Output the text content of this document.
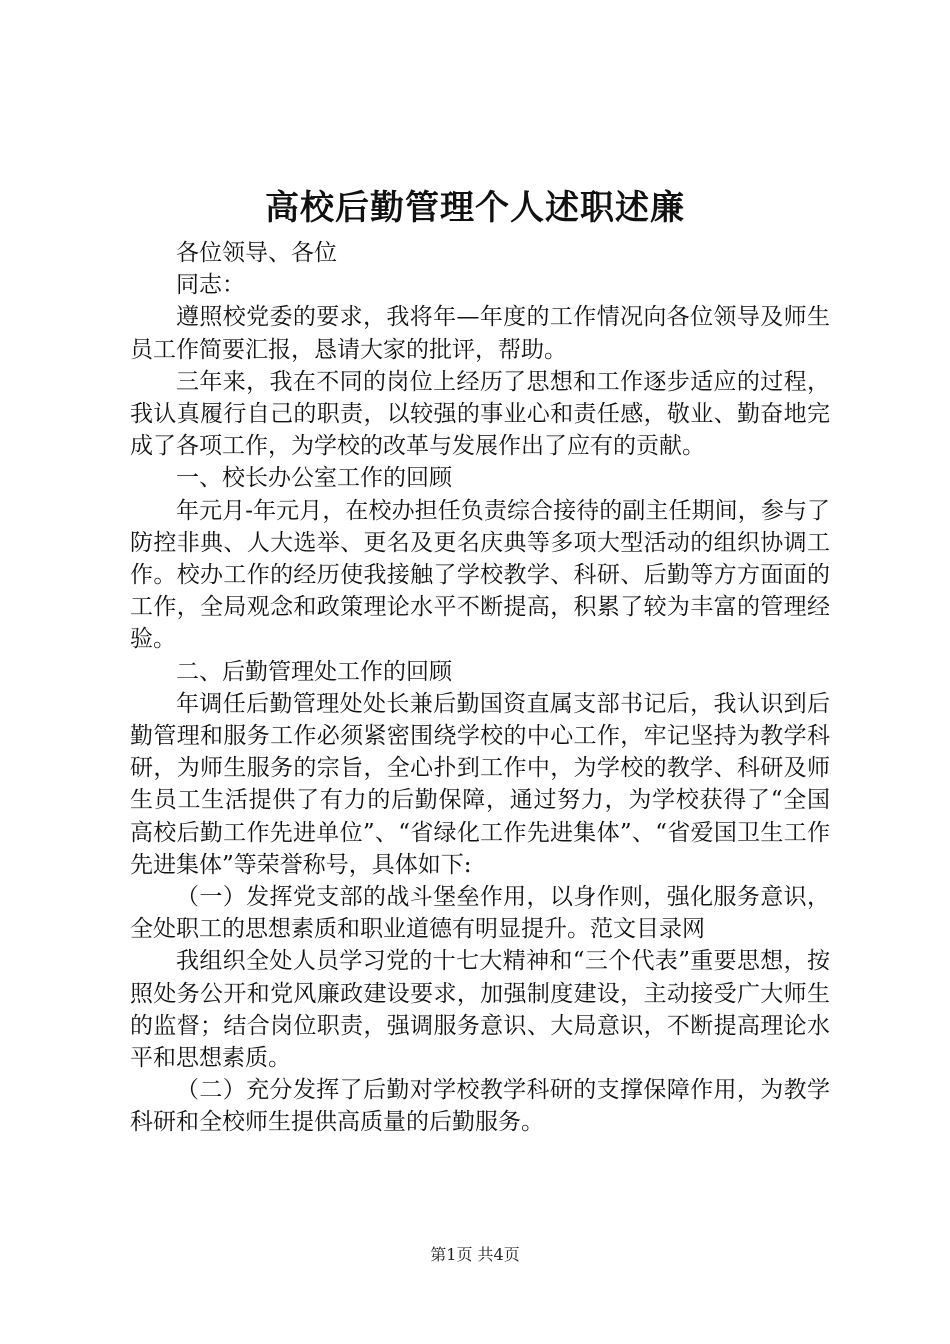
高校后勤管理个人述职述廉

各位领导、各位

同志：

遵照校党委的要求，我将年—年度的工作情况向各位领导及师生员工作简要汇报，恳请大家的批评，帮助。

三年来，我在不同的岗位上经历了思想和工作逐步适应的过程，我认真履行自己的职责，以较强的事业心和责任感，敬业、勤奋地完成了各项工作，为学校的改革与发展作出了应有的贡献。

一、校长办公室工作的回顾

年元月-年元月，在校办担任负责综合接待的副主任期间，参与了防控非典、人大选举、更名及更名庆典等多项大型活动的组织协调工作。校办工作的经历使我接触了学校教学、科研、后勤等方方面面的工作，全局观念和政策理论水平不断提高，积累了较为丰富的管理经验。

二、后勤管理处工作的回顾

年调任后勤管理处处长兼后勤国资直属支部书记后，我认识到后勤管理和服务工作必须紧密围绕学校的中心工作，牢记坚持为教学科研，为师生服务的宗旨，全心扑到工作中，为学校的教学、科研及师生员工生活提供了有力的后勤保障，通过努力，为学校获得了“全国高校后勤工作先进单位”、“省绿化工作先进集体”、“省爱国卫生工作先进集体”等荣誉称号，具体如下:

（一）发挥党支部的战斗堡垒作用，以身作则，强化服务意识，全处职工的思想素质和职业道德有明显提升。范文目录网

我组织全处人员学习党的十七大精神和“三个代表”重要思想，按照处务公开和党风廉政建设要求，加强制度建设，主动接受广大师生的监督；结合岗位职责，强调服务意识、大局意识，不断提高理论水平和思想素质。

（二）充分发挥了后勤对学校教学科研的支撑保障作用，为教学科研和全校师生提供高质量的后勤服务。

第1页 共4页
